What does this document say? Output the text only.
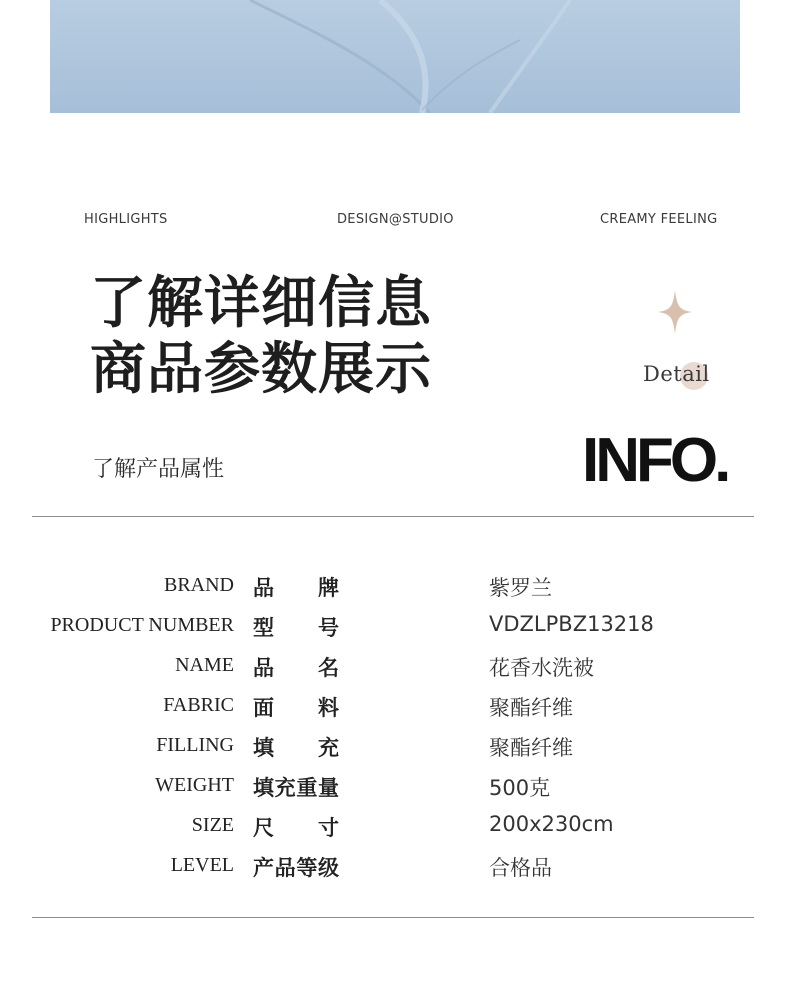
HIGHLIGHTS	DESIGN@STUDIO	CREAMY FEELING
了解详细信息
商品参数展示	Detail
了解产品属性	INFO.
BRAND 品 牌	紫罗兰
PRODUCT NUMBER 型 号	VDZLPBZ13218
NAME 品 名	花香水洗被
FABRIC 面 料	聚酯纤维
FILLING 填 充	聚酯纤维
WEIGHT 填充重量	500克
SIZE 尺 寸	200x230cm
LEVEL 产品等级	合格品
